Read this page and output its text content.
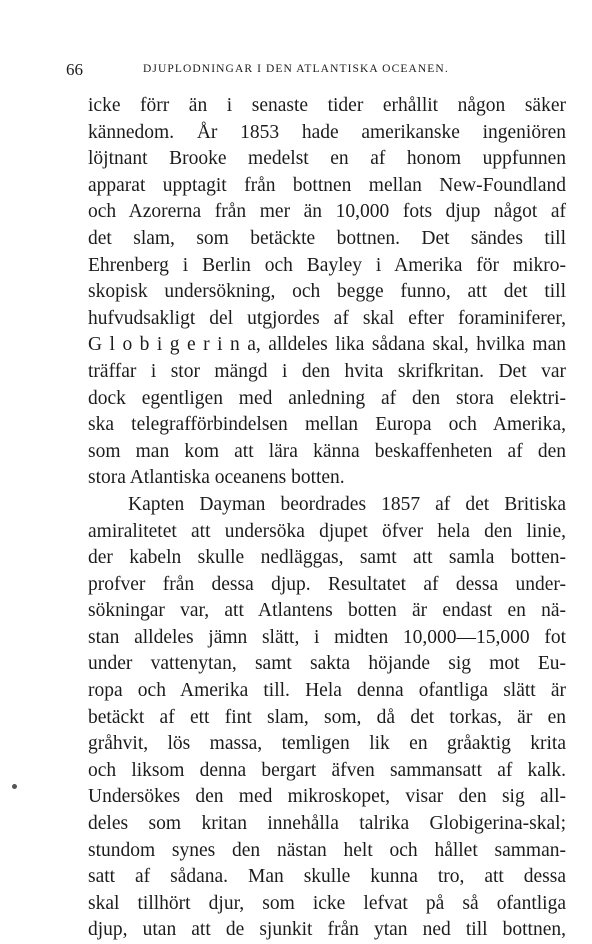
66	DJUPLODNINGAR I DEN ATLANTISKA OCEANEN.
icke förr än i senaste tider erhållit någon säker
kännedom. År 1853 hade amerikanske ingeniören
löjtnant Brooke medelst en af honom uppfunnen
apparat upptagit från bottnen mellan New-Foundland
och Azorerna från mer än 10,000 fots djup något af
det slam, som betäckte bottnen. Det sändes till
Ehrenberg i Berlin och Bayley i Amerika för mikro-
skopisk undersökning, och begge funno, att det till
hufvudsakligt del utgjordes af skal efter foraminiferer,
G l o b i g e r i n a, alldeles lika sådana skal, hvilka man
träffar i stor mängd i den hvita skrifkritan. Det var
dock egentligen med anledning af den stora elektri-
ska telegrafförbindelsen mellan Europa och Amerika,
som man kom att lära känna beskaffenheten af den
stora Atlantiska oceanens botten.
Kapten Dayman beordrades 1857 af det Britiska
amiralitetet att undersöka djupet öfver hela den linie,
der kabeln skulle nedläggas, samt att samla botten-
profver från dessa djup. Resultatet af dessa under-
sökningar var, att Atlantens botten är endast en nä-
stan alldeles jämn slätt, i midten 10,000—15,000 fot
under vattenytan, samt sakta höjande sig mot Eu-
ropa och Amerika till. Hela denna ofantliga slätt är
betäckt af ett fint slam, som, då det torkas, är en
gråhvit, lös massa, temligen lik en gråaktig krita
och liksom denna bergart äfven sammansatt af kalk.
Undersökes den med mikroskopet, visar den sig all-
deles som kritan innehålla talrika Globigerina-skal;
stundom synes den nästan helt och hållet samman-
satt af sådana. Man skulle kunna tro, att dessa
skal tillhört djur, som icke lefvat på så ofantliga
djup, utan att de sjunkit från ytan ned till bottnen,
